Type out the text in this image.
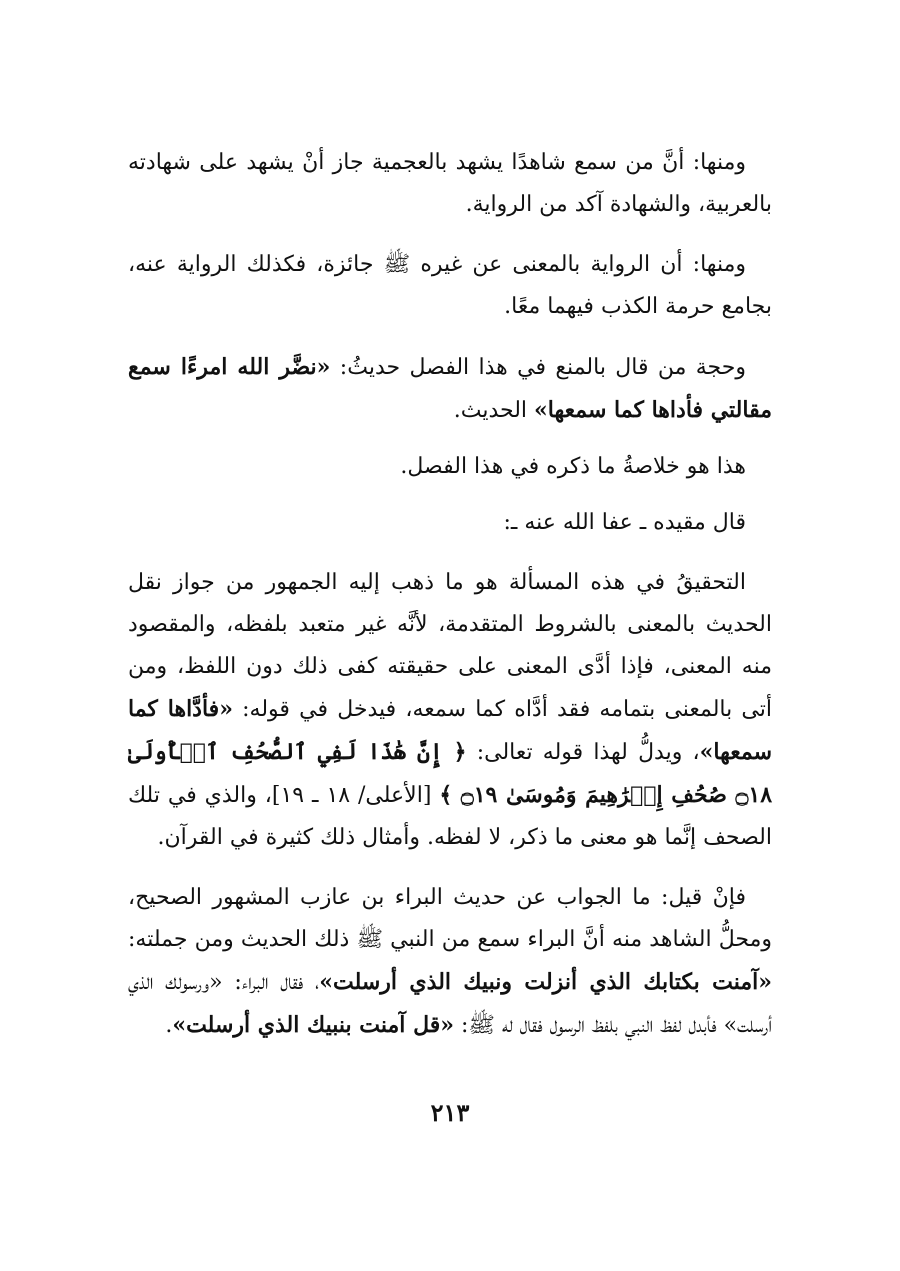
ومنها: أنَّ من سمع شاهدًا يشهد بالعجمية جاز أنْ يشهد على شهادته بالعربية، والشهادة آكد من الرواية.

ومنها: أن الرواية بالمعنى عن غيره ﷺ جائزة، فكذلك الرواية عنه، بجامع حرمة الكذب فيهما معًا.

وحجة من قال بالمنع في هذا الفصل حديثُ: «نضَّر الله امرءًا سمع مقالتي فأداها كما سمعها» الحديث.

هذا هو خلاصةُ ما ذكره في هذا الفصل.

قال مقيده ـ عفا الله عنه ـ:

التحقيقُ في هذه المسألة هو ما ذهب إليه الجمهور من جواز نقل الحديث بالمعنى بالشروط المتقدمة، لأنَّه غير متعبد بلفظه، والمقصود منه المعنى، فإذا أدَّى المعنى على حقيقته كفى ذلك دون اللفظ، ومن أتى بالمعنى بتمامه فقد أدَّاه كما سمعه، فيدخل في قوله: «فأدَّاها كما سمعها»، ويدلُّ لهذا قوله تعالى: ﴿ إِنَّ هَٰذَا لَفِي ٱلصُّحُفِ ٱلۡأُولَىٰ ۝١٨ صُحُفِ إِبۡرَٰهِيمَ وَمُوسَىٰ ۝١٩ ﴾ [الأعلى/ ١٨ ـ ١٩]، والذي في تلك الصحف إنَّما هو معنى ما ذكر، لا لفظه. وأمثال ذلك كثيرة في القرآن.

فإنْ قيل: ما الجواب عن حديث البراء بن عازب المشهور الصحيح، ومحلُّ الشاهد منه أنَّ البراء سمع من النبي ﷺ ذلك الحديث ومن جملته: «آمنت بكتابك الذي أنزلت ونبيك الذي أرسلت»، فقال البراء: «ورسولك الذي أرسلت» فأبدل لفظ النبي بلفظ الرسول فقال له ﷺ: «قل آمنت بنبيك الذي أرسلت».

٢١٣
